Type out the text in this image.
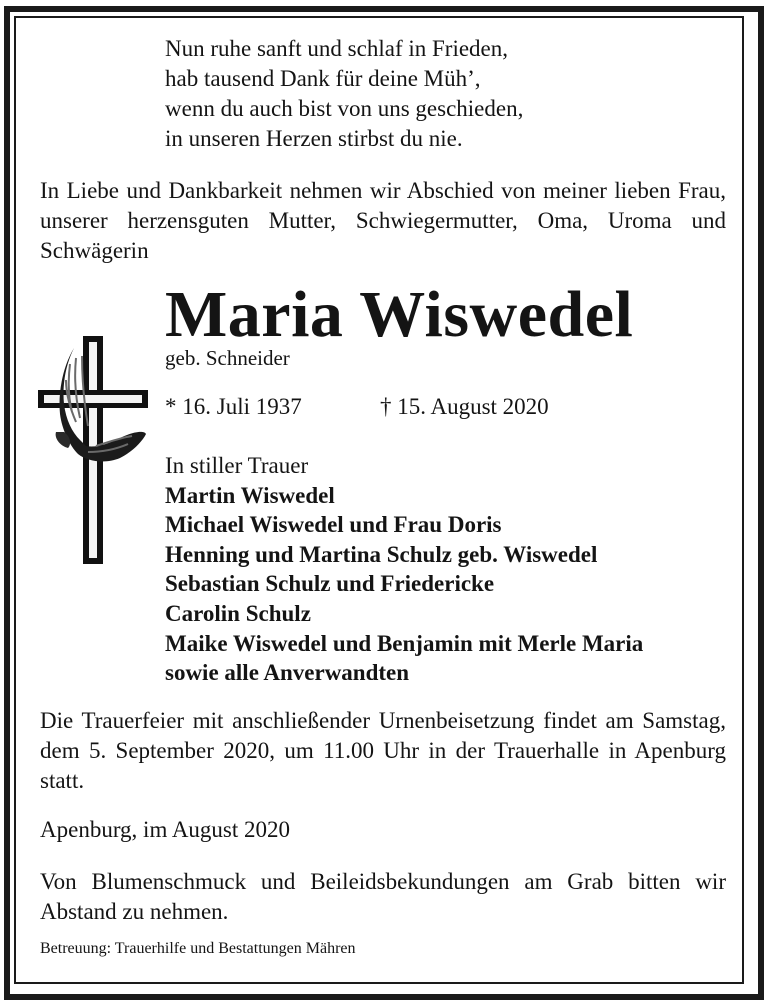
Nun ruhe sanft und schlaf in Frieden,
hab tausend Dank für deine Müh’,
wenn du auch bist von uns geschieden,
in unseren Herzen stirbst du nie.
In Liebe und Dankbarkeit nehmen wir Abschied von meiner lieben Frau, unserer herzensguten Mutter, Schwiegermutter, Oma, Uroma und Schwägerin
Maria Wiswedel
geb. Schneider
* 16. Juli 1937	† 15. August 2020
In stiller Trauer
Martin Wiswedel
Michael Wiswedel und Frau Doris
Henning und Martina Schulz geb. Wiswedel
Sebastian Schulz und Friedericke
Carolin Schulz
Maike Wiswedel und Benjamin mit Merle Maria
sowie alle Anverwandten
Die Trauerfeier mit anschließender Urnenbeisetzung findet am Samstag, dem 5. September 2020, um 11.00 Uhr in der Trauerhalle in Apenburg statt.
Apenburg, im August 2020
Von Blumenschmuck und Beileidsbekundungen am Grab bitten wir Abstand zu nehmen.
Betreuung: Trauerhilfe und Bestattungen Mähren
